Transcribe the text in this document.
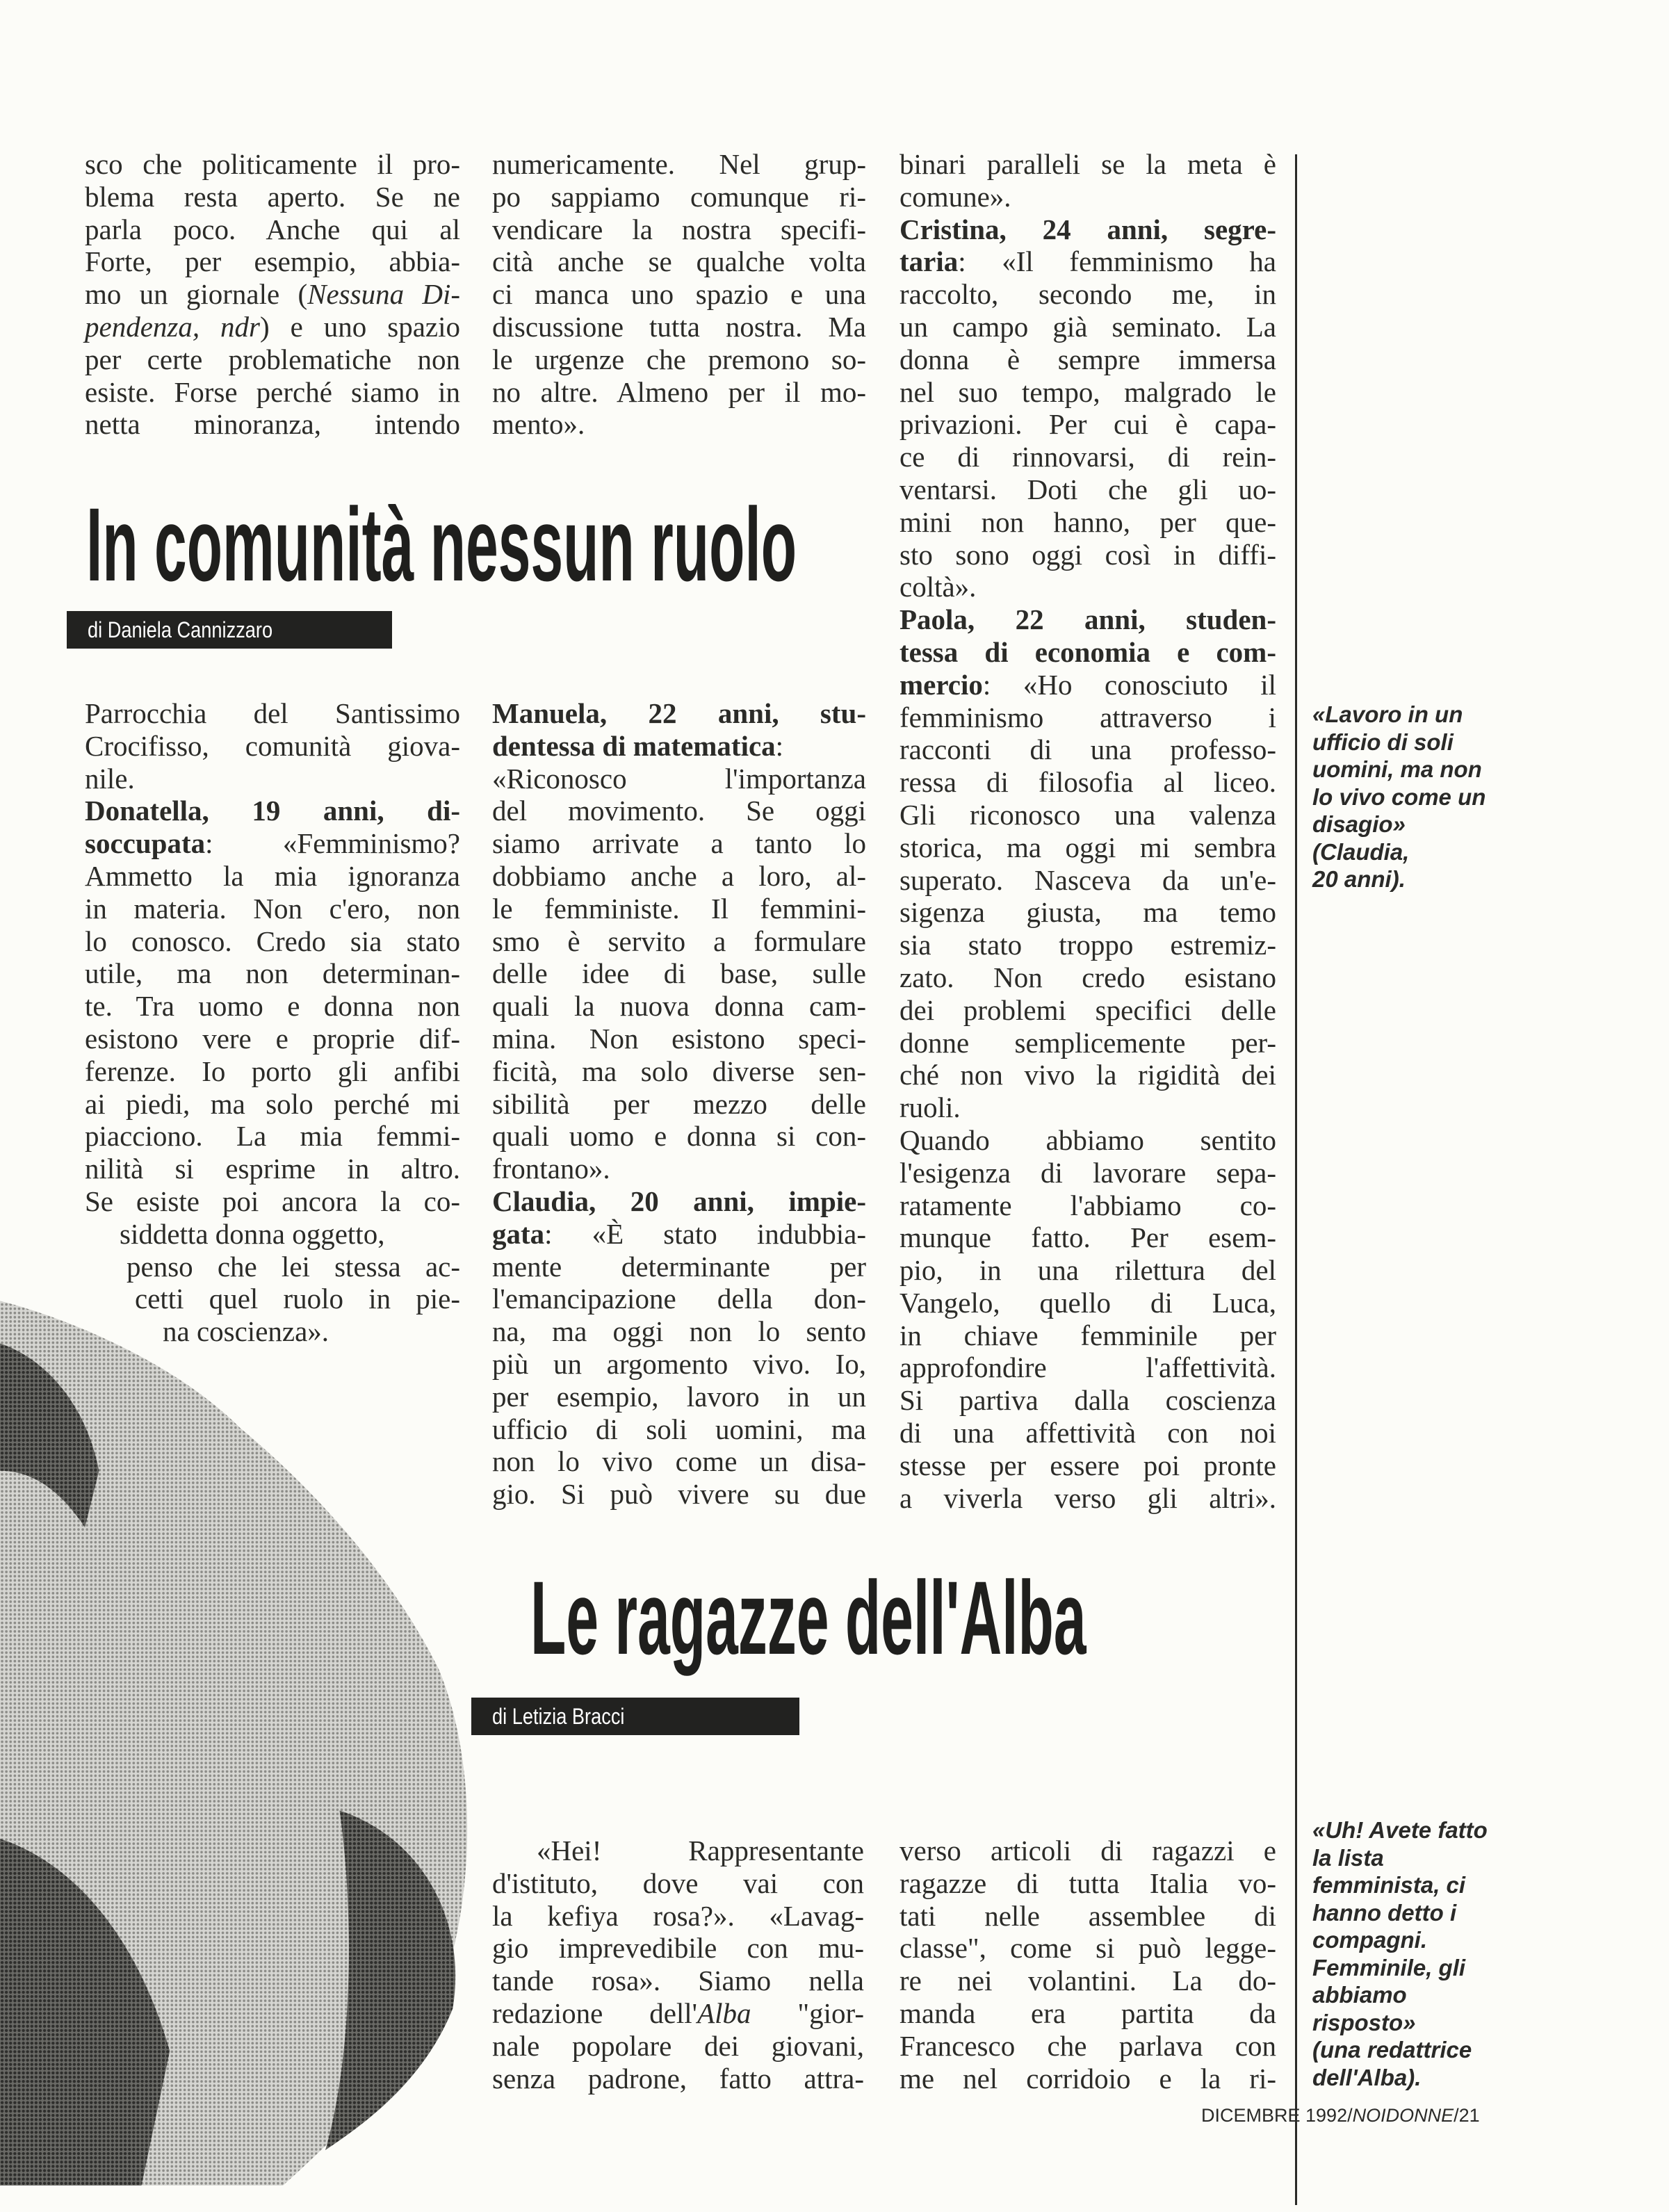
sco che politicamente il pro-
blema resta aperto. Se ne
parla poco. Anche qui al
Forte, per esempio, abbia-
mo un giornale (Nessuna Di-
pendenza, ndr) e uno spazio
per certe problematiche non
esiste. Forse perché siamo in
netta minoranza, intendo
numericamente. Nel grup-
po sappiamo comunque ri-
vendicare la nostra specifi-
cità anche se qualche volta
ci manca uno spazio e una
discussione tutta nostra. Ma
le urgenze che premono so-
no altre. Almeno per il mo-
mento».
binari paralleli se la meta è
comune».
Cristina, 24 anni, segre-
taria: «Il femminismo ha
raccolto, secondo me, in
un campo già seminato. La
donna è sempre immersa
nel suo tempo, malgrado le
privazioni. Per cui è capa-
ce di rinnovarsi, di rein-
ventarsi. Doti che gli uo-
mini non hanno, per que-
sto sono oggi così in diffi-
coltà».
Paola, 22 anni, studen-
tessa di economia e com-
mercio: «Ho conosciuto il
femminismo attraverso i
racconti di una professo-
ressa di filosofia al liceo.
Gli riconosco una valenza
storica, ma oggi mi sembra
superato. Nasceva da un'e-
sigenza giusta, ma temo
sia stato troppo estremiz-
zato. Non credo esistano
dei problemi specifici delle
donne semplicemente per-
ché non vivo la rigidità dei
ruoli.
Quando abbiamo sentito
l'esigenza di lavorare sepa-
ratamente l'abbiamo co-
munque fatto. Per esem-
pio, in una rilettura del
Vangelo, quello di Luca,
in chiave femminile per
approfondire l'affettività.
Si partiva dalla coscienza
di una affettività con noi
stesse per essere poi pronte
a viverla verso gli altri».
In comunità nessun ruolo
di Daniela Cannizzaro
Parrocchia del Santissimo
Crocifisso, comunità giova-
nile.
Donatella, 19 anni, di-
soccupata: «Femminismo?
Ammetto la mia ignoranza
in materia. Non c'ero, non
lo conosco. Credo sia stato
utile, ma non determinan-
te. Tra uomo e donna non
esistono vere e proprie dif-
ferenze. Io porto gli anfibi
ai piedi, ma solo perché mi
piacciono. La mia femmi-
nilità si esprime in altro.
Se esiste poi ancora la co-
siddetta donna oggetto,
penso che lei stessa ac-
cetti quel ruolo in pie-
na coscienza».
Manuela, 22 anni, stu-
dentessa di matematica:
«Riconosco l'importanza
del movimento. Se oggi
siamo arrivate a tanto lo
dobbiamo anche a loro, al-
le femministe. Il femmini-
smo è servito a formulare
delle idee di base, sulle
quali la nuova donna cam-
mina. Non esistono speci-
ficità, ma solo diverse sen-
sibilità per mezzo delle
quali uomo e donna si con-
frontano».
Claudia, 20 anni, impie-
gata: «È stato indubbia-
mente determinante per
l'emancipazione della don-
na, ma oggi non lo sento
più un argomento vivo. Io,
per esempio, lavoro in un
ufficio di soli uomini, ma
non lo vivo come un disa-
gio. Si può vivere su due
«Lavoro in un
ufficio di soli
uomini, ma non
lo vivo come un
disagio»
(Claudia,
20 anni).
Le ragazze dell'Alba
di Letizia Bracci
«Hei! Rappresentante
d'istituto, dove vai con
la kefiya rosa?». «Lavag-
gio imprevedibile con mu-
tande rosa». Siamo nella
redazione dell'Alba "gior-
nale popolare dei giovani,
senza padrone, fatto attra-
verso articoli di ragazzi e
ragazze di tutta Italia vo-
tati nelle assemblee di
classe", come si può legge-
re nei volantini. La do-
manda era partita da
Francesco che parlava con
me nel corridoio e la ri-
«Uh! Avete fatto
la lista
femminista, ci
hanno detto i
compagni.
Femminile, gli
abbiamo
risposto»
(una redattrice
dell'Alba).
DICEMBRE 1992/NOIDONNE/21
